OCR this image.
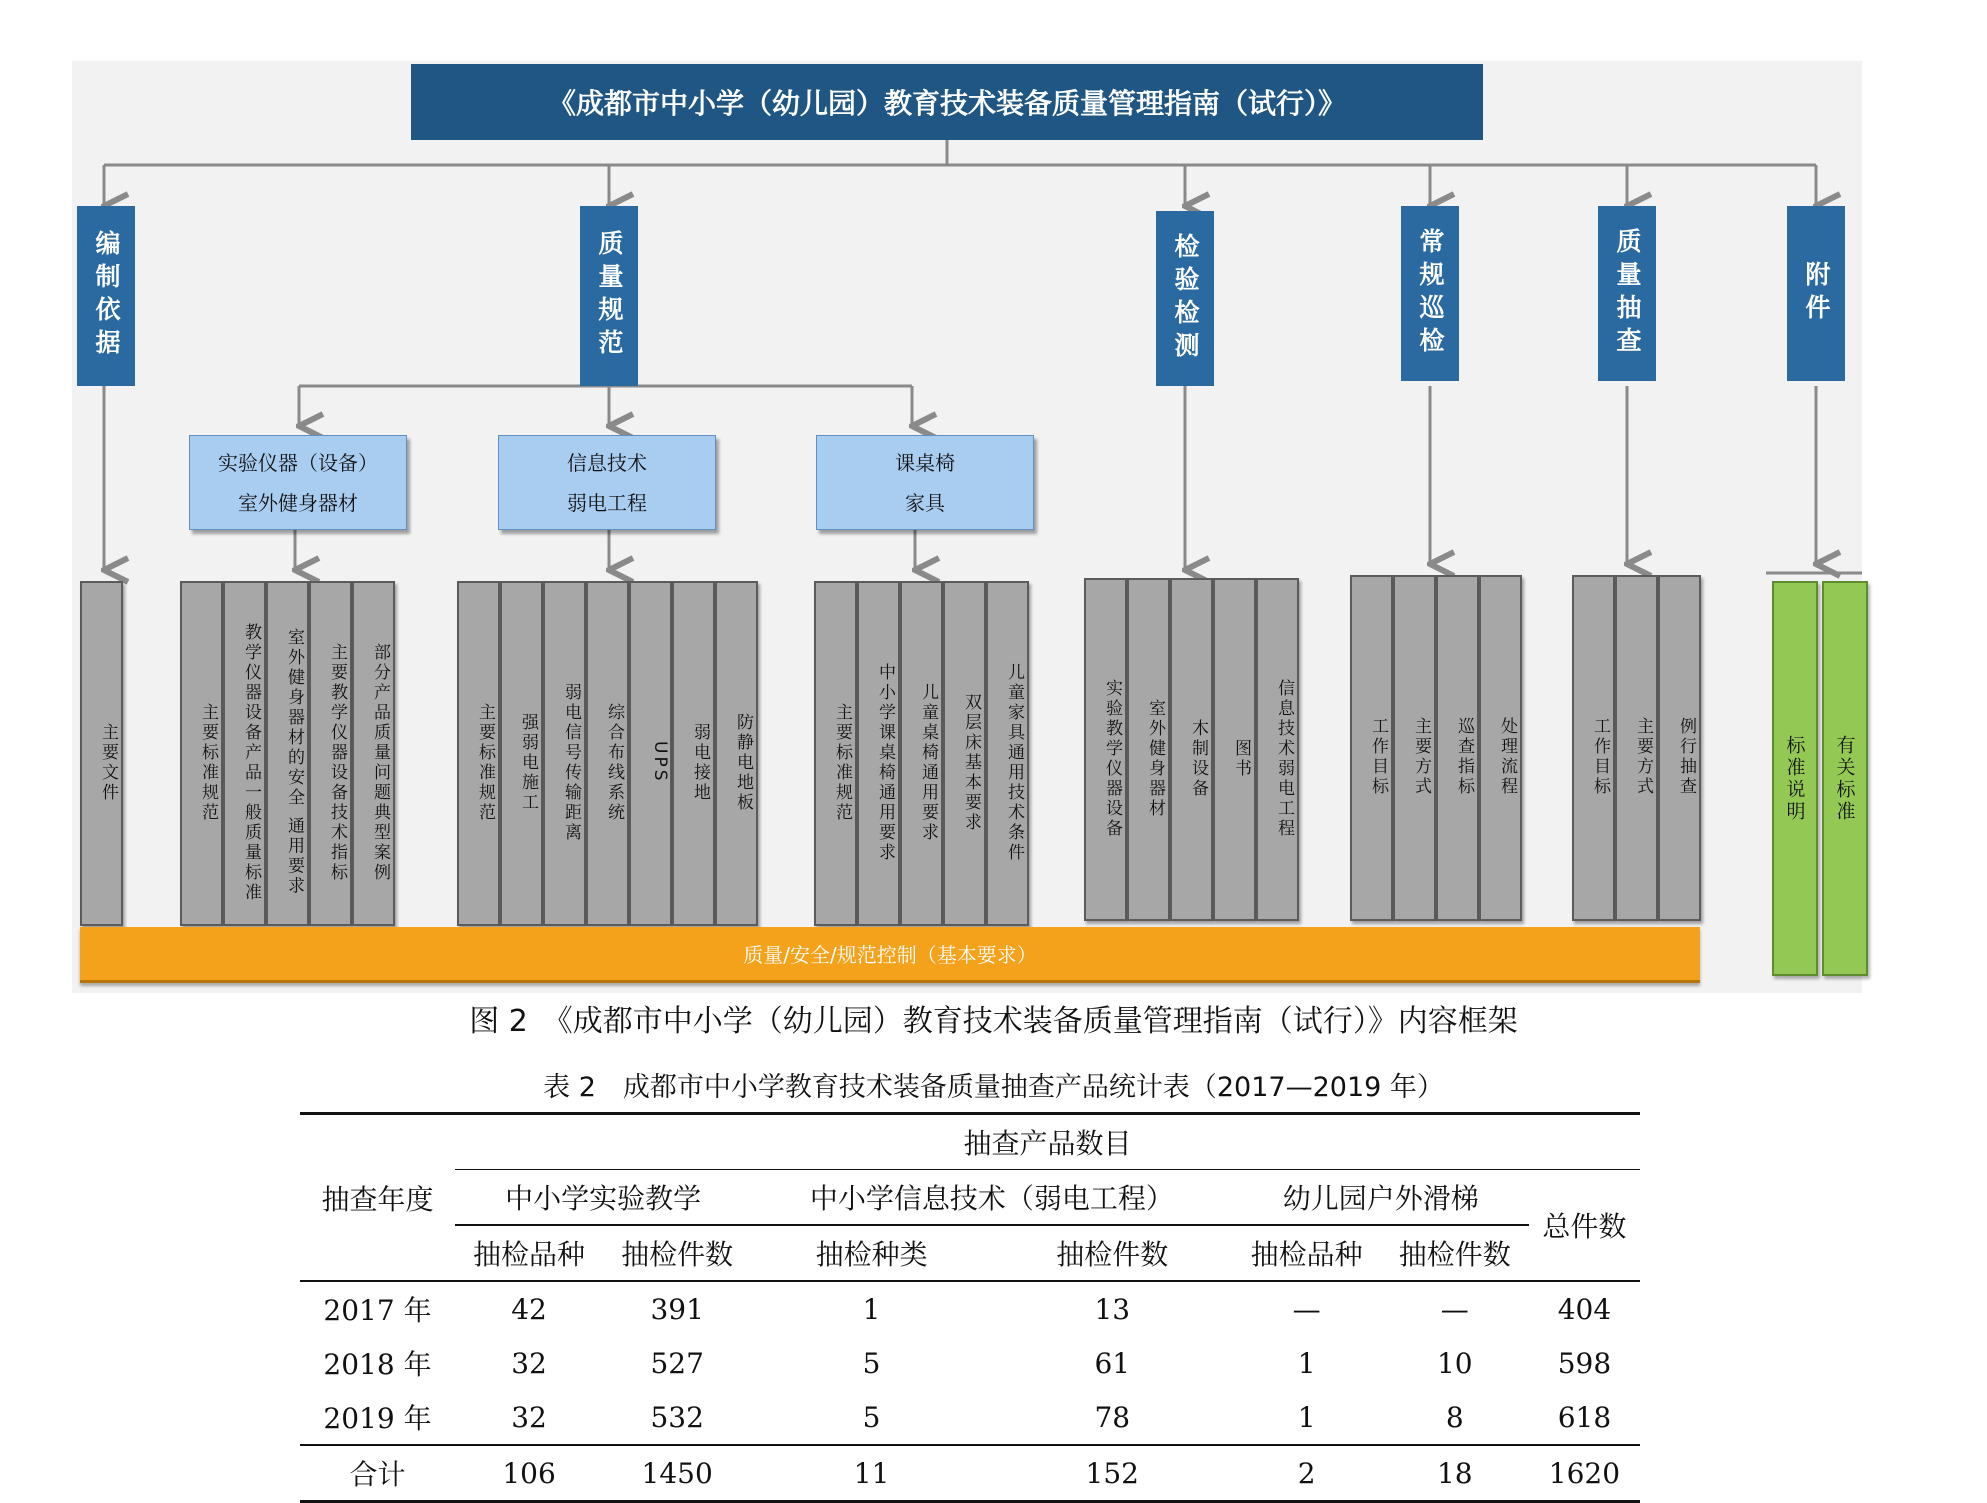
《成都市中小学（幼儿园）教育技术装备质量管理指南（试行）》
编制依据	质量规范	检验检测	常规巡检	质量抽查	附件
实验仪器（设备）
室外健身器材
信息技术
弱电工程
课桌椅
家具
主要文件	主要标准规范	教学仪器设备产品一般质量标准	室外健身器材的安全 通用要求	主要教学仪器设备技术指标	部分产品质量问题典型案例	主要标准规范	强弱电施工	弱电信号传输距离	综合布线系统	UPS	弱电接地	防静电地板	主要标准规范	中小学课桌椅通用要求	儿童桌椅通用要求	双层床基本要求	儿童家具通用技术条件	实验教学仪器设备	室外健身器材	木制设备	图书	信息技术弱电工程	工作目标	主要方式	巡查指标	处理流程	工作目标	主要方式	例行抽查	标准说明	有关标准
质量/安全/规范控制（基本要求）
图 2　《成都市中小学（幼儿园）教育技术装备质量管理指南（试行）》内容框架
表 2　成都市中小学教育技术装备质量抽查产品统计表（2017—2019 年）
抽查年度	抽查产品数目						
	中小学实验教学		中小学信息技术（弱电工程）		幼儿园户外滑梯		总件数
	抽检品种	抽检件数	抽检种类	抽检件数	抽检品种	抽检件数	
2017 年	42	391	1	13	—	—	404
2018 年	32	527	5	61	1	10	598
2019 年	32	532	5	78	1	8	618
合计	106	1450	11	152	2	18	1620
